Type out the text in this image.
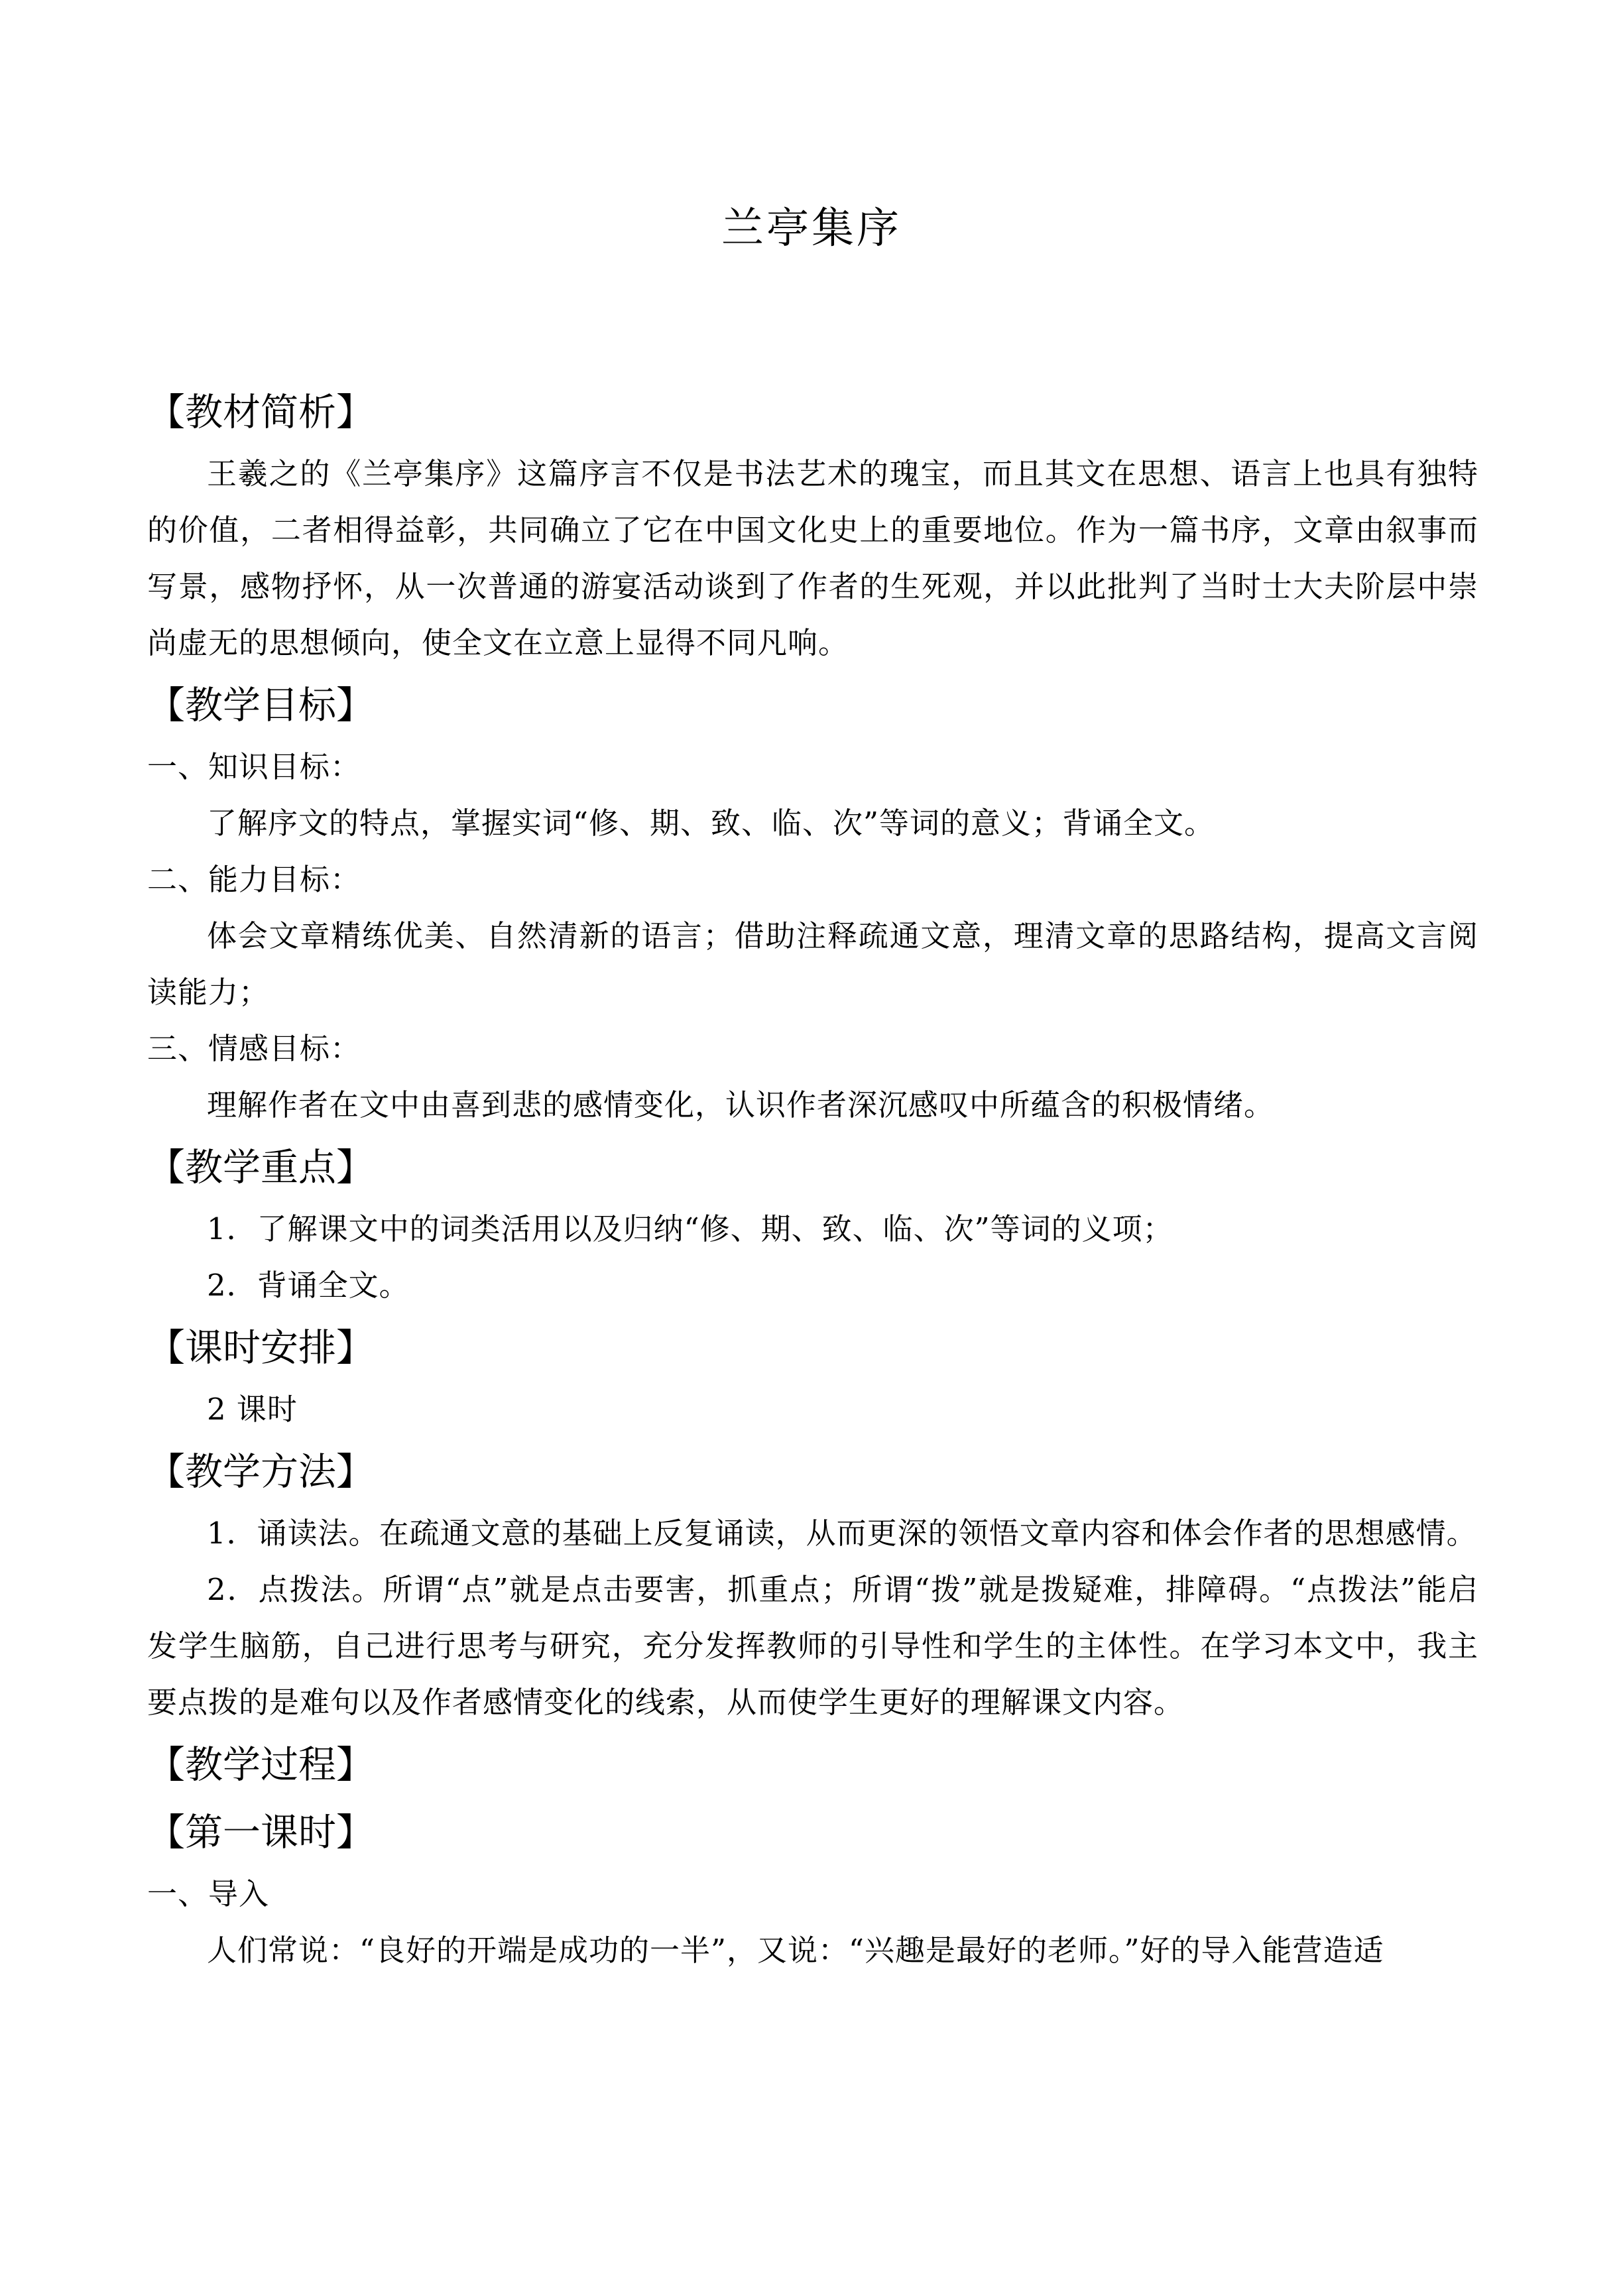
兰亭集序
【教材简析】

王羲之的《兰亭集序》这篇序言不仅是书法艺术的瑰宝，而且其文在思想、语言上也具有独特的价值，二者相得益彰，共同确立了它在中国文化史上的重要地位。作为一篇书序，文章由叙事而写景，感物抒怀，从一次普通的游宴活动谈到了作者的生死观，并以此批判了当时士大夫阶层中崇尚虚无的思想倾向，使全文在立意上显得不同凡响。

【教学目标】

一、知识目标：

了解序文的特点，掌握实词“修、期、致、临、次”等词的意义；背诵全文。

二、能力目标：

体会文章精练优美、自然清新的语言；借助注释疏通文意，理清文章的思路结构，提高文言阅读能力；

三、情感目标：

理解作者在文中由喜到悲的感情变化，认识作者深沉感叹中所蕴含的积极情绪。

【教学重点】

1．了解课文中的词类活用以及归纳“修、期、致、临、次”等词的义项；

2．背诵全文。

【课时安排】

2 课时

【教学方法】

1．诵读法。在疏通文意的基础上反复诵读，从而更深的领悟文章内容和体会作者的思想感情。

2．点拨法。所谓“点”就是点击要害，抓重点；所谓“拨”就是拨疑难，排障碍。“点拨法”能启发学生脑筋，自己进行思考与研究，充分发挥教师的引导性和学生的主体性。在学习本文中，我主要点拨的是难句以及作者感情变化的线索，从而使学生更好的理解课文内容。

【教学过程】
【第一课时】

一、导入

人们常说：“良好的开端是成功的一半”，又说：“兴趣是最好的老师。”好的导入能营造适
